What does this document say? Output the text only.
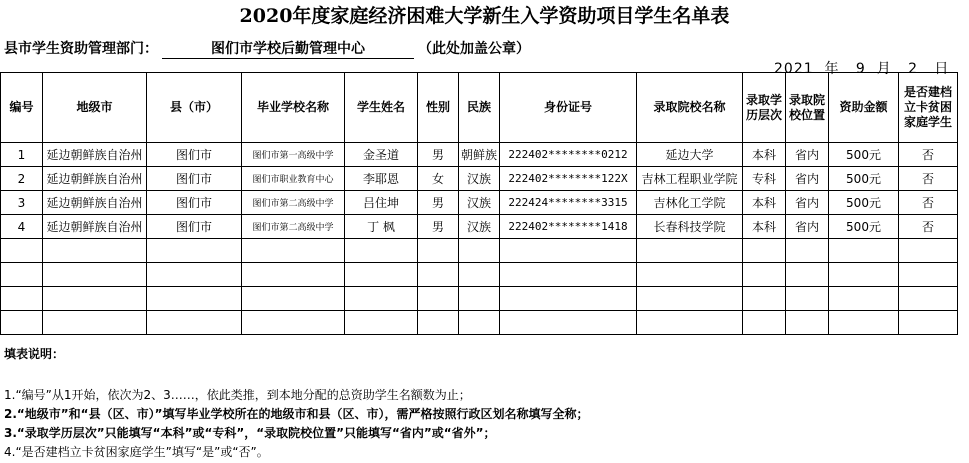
2020年度家庭经济困难大学新生入学资助项目学生名单表
县市学生资助管理部门：	图们市学校后勤管理中心	（此处加盖公章）
2021 年 9 月 2 日
编号	地级市	县（市）	毕业学校名称	学生姓名	性别	民族	身份证号	录取院校名称	录取学历层次	录取院校位置	资助金额	是否建档立卡贫困家庭学生
1	延边朝鲜族自治州	图们市	图们市第一高级中学	金圣道	男	朝鲜族	222402********0212	延边大学	本科	省内	500元	否
2	延边朝鲜族自治州	图们市	图们市职业教育中心	李耶恩	女	汉族	222402********122X	吉林工程职业学院	专科	省内	500元	否
3	延边朝鲜族自治州	图们市	图们市第二高级中学	吕住坤	男	汉族	222424********3315	吉林化工学院	本科	省内	500元	否
4	延边朝鲜族自治州	图们市	图们市第二高级中学	丁 枫	男	汉族	222402********1418	长春科技学院	本科	省内	500元	否

填表说明：
1.“编号”从1开始，依次为2、3……，依此类推，到本地分配的总资助学生名额数为止；
2.“地级市”和“县（区、市）”填写毕业学校所在的地级市和县（区、市），需严格按照行政区划名称填写全称；
3.“录取学历层次”只能填写“本科”或“专科”，“录取院校位置”只能填写“省内”或“省外”；
4.“是否建档立卡贫困家庭学生”填写“是”或“否”。
